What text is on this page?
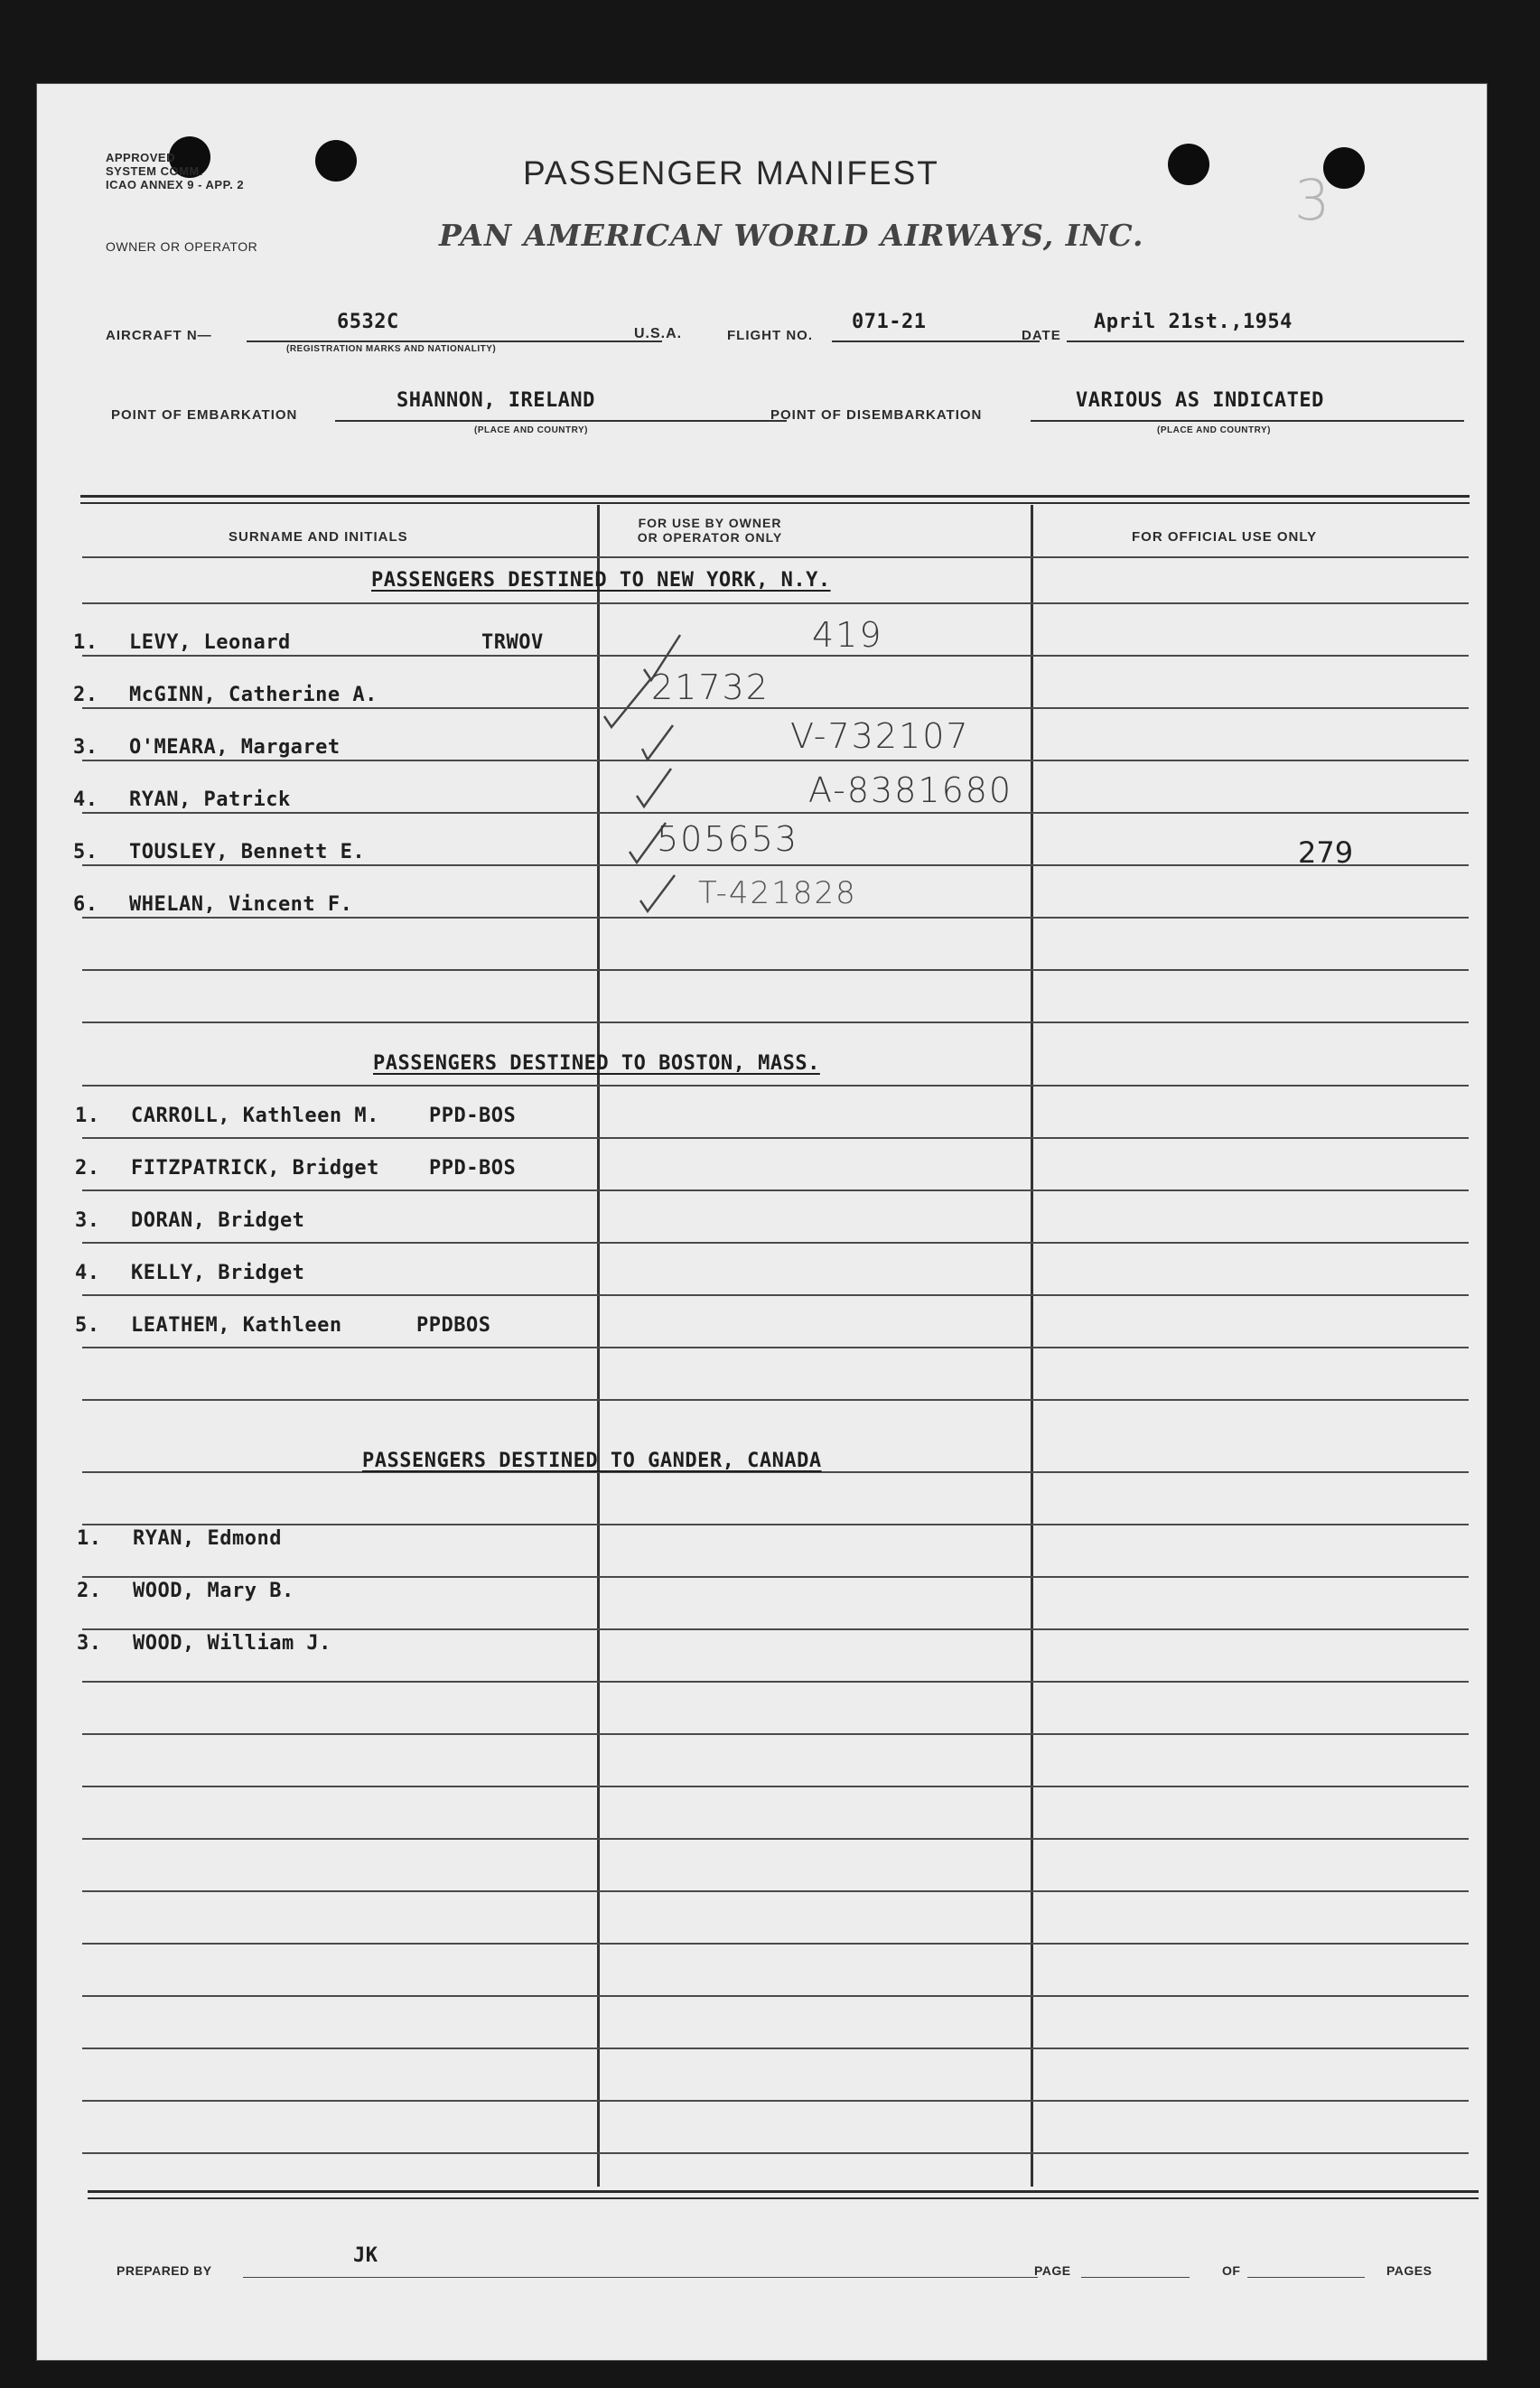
APPROVED
SYSTEM COMM.
ICAO ANNEX 9 - APP. 2	PASSENGER MANIFEST	3
OWNER OR OPERATOR	PAN AMERICAN WORLD AIRWAYS, INC.
AIRCRAFT N—
6532C
(REGISTRATION MARKS AND NATIONALITY)
U.S.A.	FLIGHT NO.
071-21
DATE
April 21st.,1954
POINT OF EMBARKATION
SHANNON, IRELAND
(PLACE AND COUNTRY)
POINT OF DISEMBARKATION
VARIOUS AS INDICATED
(PLACE AND COUNTRY)
SURNAME AND INITIALS
FOR USE BY OWNER
OR OPERATOR ONLY	FOR OFFICIAL USE ONLY
PASSENGERS DESTINED TO NEW YORK, N.Y.
1. LEVY, Leonard	TRWOV	419
2. McGINN, Catherine A.	21732
3. O'MEARA, Margaret	V-732107
4. RYAN, Patrick	A-8381680
5. TOUSLEY, Bennett E.	505653	279
6. WHELAN, Vincent F.	T-421828
PASSENGERS DESTINED TO BOSTON, MASS.
1. CARROLL, Kathleen M.	PPD-BOS
2. FITZPATRICK, Bridget	PPD-BOS
3. DORAN, Bridget
4. KELLY, Bridget
5. LEATHEM, Kathleen	PPDBOS
PASSENGERS DESTINED TO GANDER, CANADA
1. RYAN, Edmond
2. WOOD, Mary B.
3. WOOD, William J.
PREPARED BY
JK
PAGE	OF	PAGES
